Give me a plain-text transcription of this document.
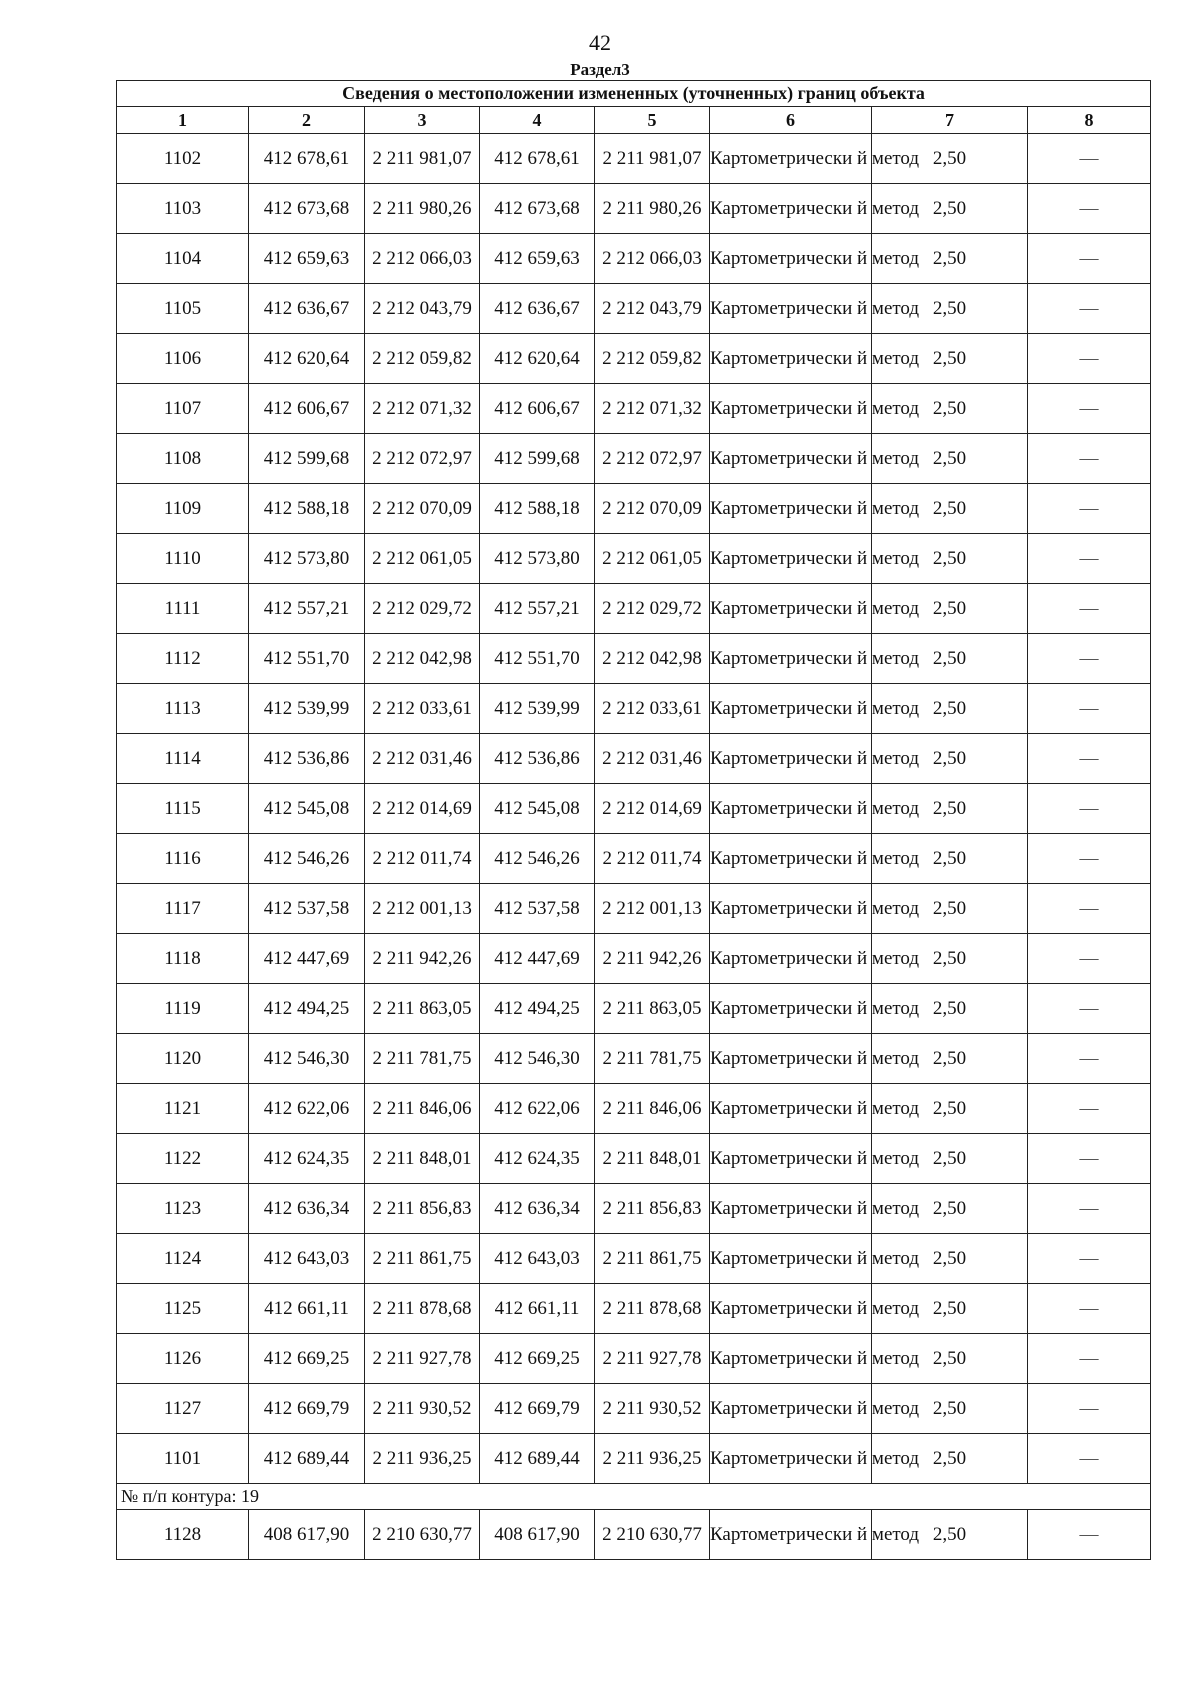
42
Раздел3
Сведения о местоположении измененных (уточненных) границ объекта							
1	2	3	4	5	6	7	8
1102	412 678,61	2 211 981,07	412 678,61	2 211 981,07	Картометрически й метод	2,50	—
1103	412 673,68	2 211 980,26	412 673,68	2 211 980,26	Картометрически й метод	2,50	—
1104	412 659,63	2 212 066,03	412 659,63	2 212 066,03	Картометрически й метод	2,50	—
1105	412 636,67	2 212 043,79	412 636,67	2 212 043,79	Картометрически й метод	2,50	—
1106	412 620,64	2 212 059,82	412 620,64	2 212 059,82	Картометрически й метод	2,50	—
1107	412 606,67	2 212 071,32	412 606,67	2 212 071,32	Картометрически й метод	2,50	—
1108	412 599,68	2 212 072,97	412 599,68	2 212 072,97	Картометрически й метод	2,50	—
1109	412 588,18	2 212 070,09	412 588,18	2 212 070,09	Картометрически й метод	2,50	—
1110	412 573,80	2 212 061,05	412 573,80	2 212 061,05	Картометрически й метод	2,50	—
1111	412 557,21	2 212 029,72	412 557,21	2 212 029,72	Картометрически й метод	2,50	—
1112	412 551,70	2 212 042,98	412 551,70	2 212 042,98	Картометрически й метод	2,50	—
1113	412 539,99	2 212 033,61	412 539,99	2 212 033,61	Картометрически й метод	2,50	—
1114	412 536,86	2 212 031,46	412 536,86	2 212 031,46	Картометрически й метод	2,50	—
1115	412 545,08	2 212 014,69	412 545,08	2 212 014,69	Картометрически й метод	2,50	—
1116	412 546,26	2 212 011,74	412 546,26	2 212 011,74	Картометрически й метод	2,50	—
1117	412 537,58	2 212 001,13	412 537,58	2 212 001,13	Картометрически й метод	2,50	—
1118	412 447,69	2 211 942,26	412 447,69	2 211 942,26	Картометрически й метод	2,50	—
1119	412 494,25	2 211 863,05	412 494,25	2 211 863,05	Картометрически й метод	2,50	—
1120	412 546,30	2 211 781,75	412 546,30	2 211 781,75	Картометрически й метод	2,50	—
1121	412 622,06	2 211 846,06	412 622,06	2 211 846,06	Картометрически й метод	2,50	—
1122	412 624,35	2 211 848,01	412 624,35	2 211 848,01	Картометрически й метод	2,50	—
1123	412 636,34	2 211 856,83	412 636,34	2 211 856,83	Картометрически й метод	2,50	—
1124	412 643,03	2 211 861,75	412 643,03	2 211 861,75	Картометрически й метод	2,50	—
1125	412 661,11	2 211 878,68	412 661,11	2 211 878,68	Картометрически й метод	2,50	—
1126	412 669,25	2 211 927,78	412 669,25	2 211 927,78	Картометрически й метод	2,50	—
1127	412 669,79	2 211 930,52	412 669,79	2 211 930,52	Картометрически й метод	2,50	—
1101	412 689,44	2 211 936,25	412 689,44	2 211 936,25	Картометрически й метод	2,50	—
№ п/п контура: 19							
1128	408 617,90	2 210 630,77	408 617,90	2 210 630,77	Картометрически й метод	2,50	—
